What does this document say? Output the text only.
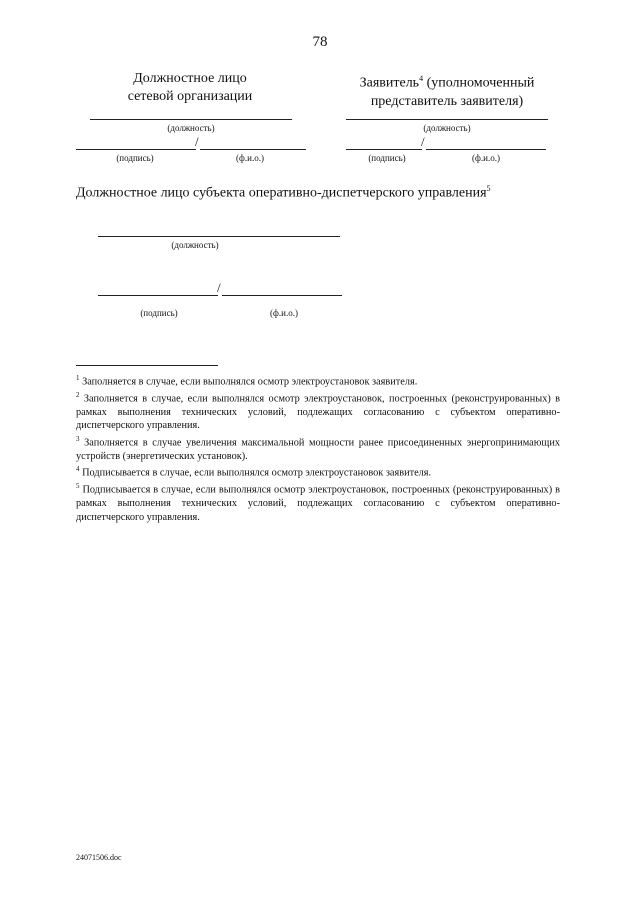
78
Должностное лицо
сетевой организации
(должность)
/
(подпись)	(ф.и.о.)
Заявитель$^4$ (уполномоченный
представитель заявителя)
(должность)
/
(подпись)	(ф.и.о.)
Должностное лицо субъекта оперативно-диспетчерского управления$^5$
(должность)
/
(подпись)	(ф.и.о.)
$^1$ Заполняется в случае, если выполнялся осмотр электроустановок заявителя.
$^2$ Заполняется в случае, если выполнялся осмотр электроустановок, построенных (реконструированных) в рамках выполнения технических условий, подлежащих согласованию с субъектом оперативно-диспетчерского управления.
$^3$ Заполняется в случае увеличения максимальной мощности ранее присоединенных энергопринимающих устройств (энергетических установок).
$^4$ Подписывается в случае, если выполнялся осмотр электроустановок заявителя.
$^5$ Подписывается в случае, если выполнялся осмотр электроустановок, построенных (реконструированных) в рамках выполнения технических условий, подлежащих согласованию с субъектом оперативно-диспетчерского управления.
24071506.doc
